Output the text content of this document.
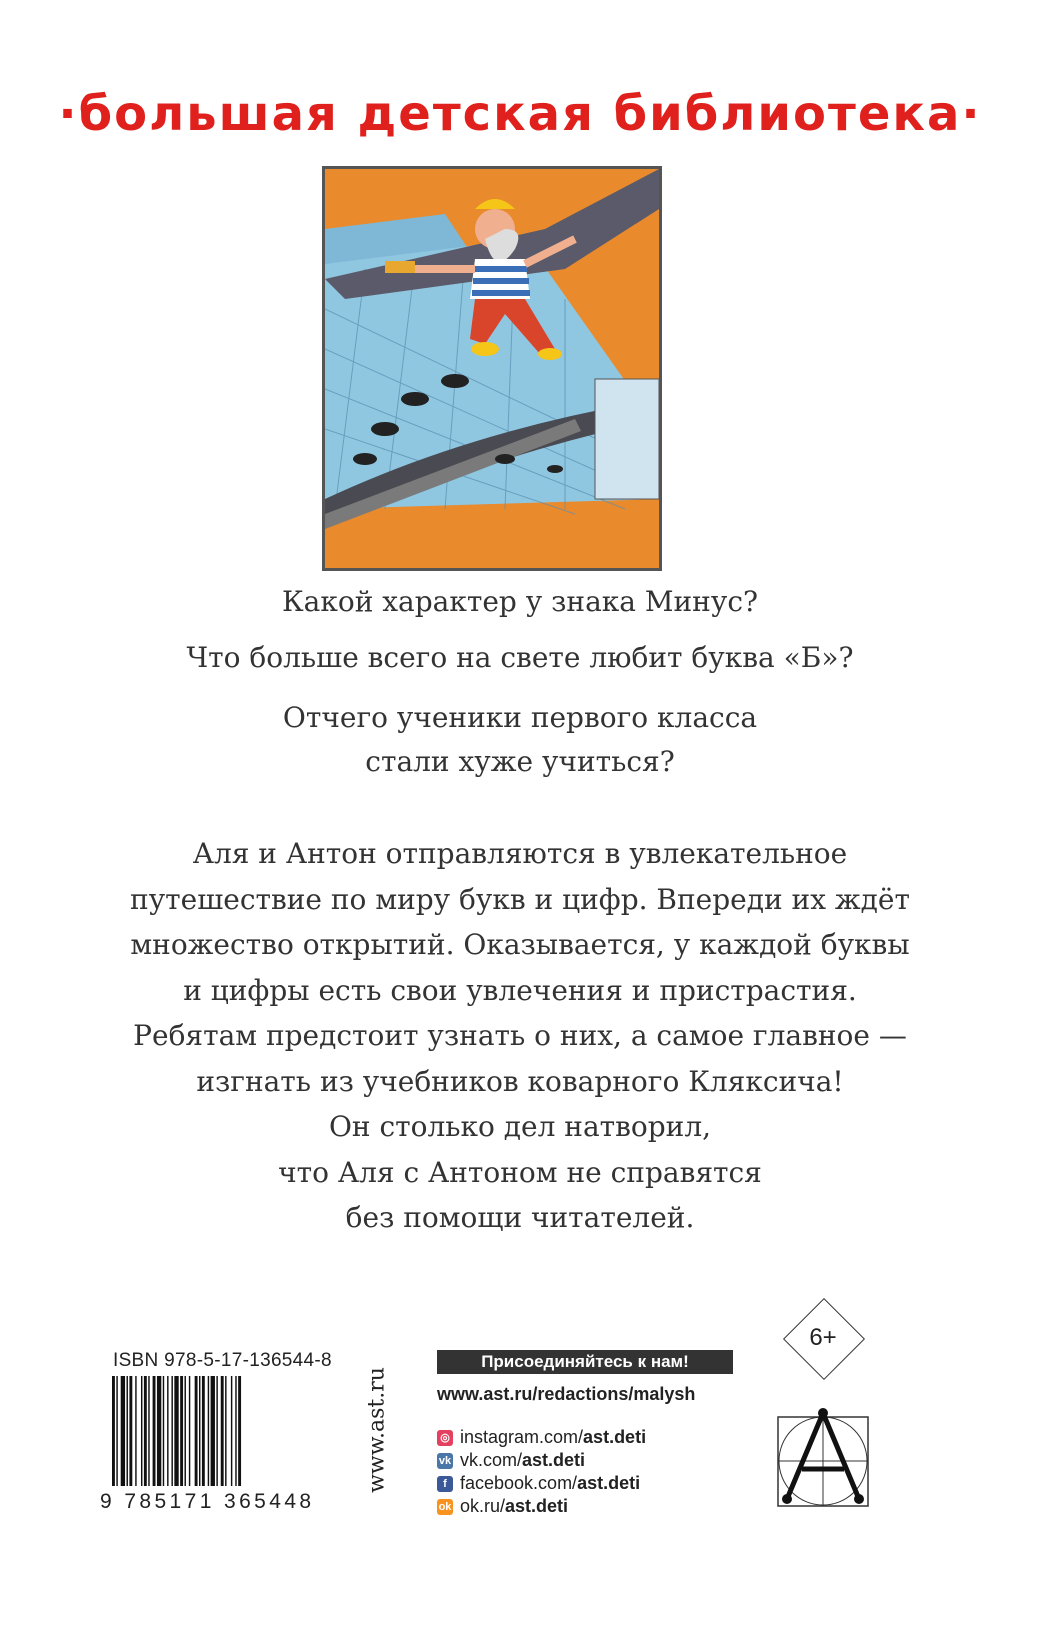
·большая детская библиотека·
Какой характер у знака Минус?
Что больше всего на свете любит буква «Б»?
Отчего ученики первого класса
стали хуже учиться?
Аля и Антон отправляются в увлекательное
путешествие по миру букв и цифр. Впереди их ждёт
множество открытий. Оказывается, у каждой буквы
и цифры есть свои увлечения и пристрастия.
Ребятам предстоит узнать о них, а самое главное —
изгнать из учебников коварного Кляксича!
Он столько дел натворил,
что Аля с Антоном не справятся
без помощи читателей.
ISBN 978-5-17-136544-8
9 785171 365448
www.ast.ru
Присоединяйтесь к нам!
www.ast.ru/redactions/malysh
◎ instagram.com/ ast.deti
vk vk.com/ ast.deti
f facebook.com/ ast.deti
ok ok.ru/ ast.deti
6+
